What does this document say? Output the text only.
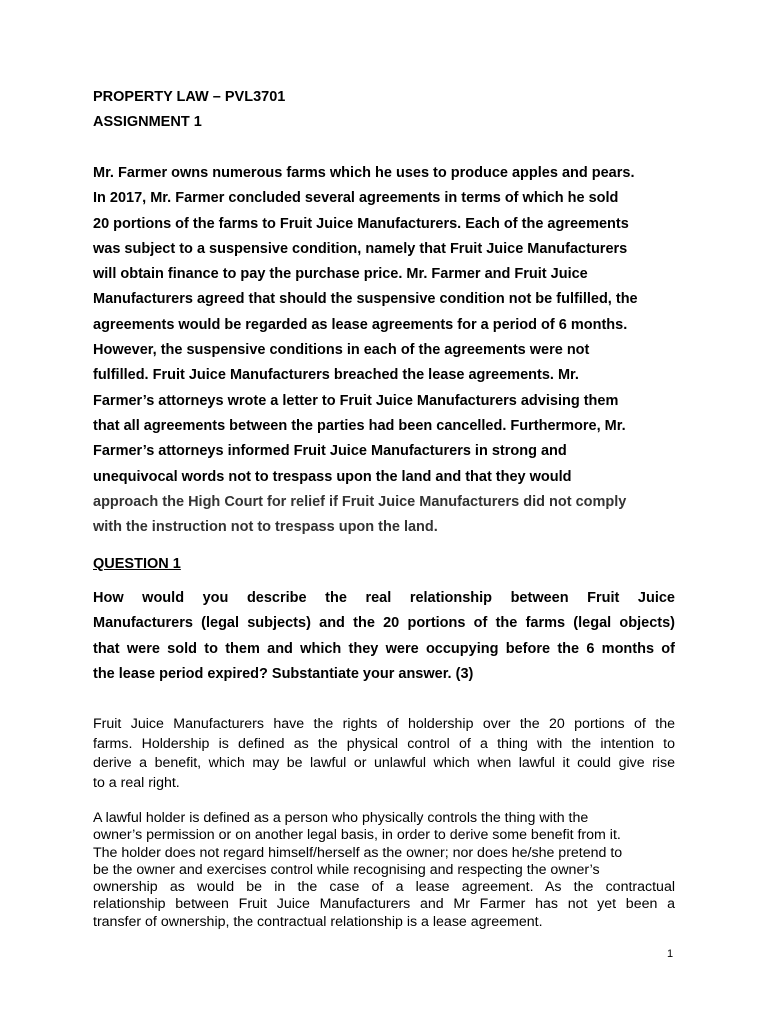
PROPERTY LAW – PVL3701
ASSIGNMENT 1
Mr. Farmer owns numerous farms which he uses to produce apples and pears.
In 2017, Mr. Farmer concluded several agreements in terms of which he sold
20 portions of the farms to Fruit Juice Manufacturers. Each of the agreements
was subject to a suspensive condition, namely that Fruit Juice Manufacturers
will obtain finance to pay the purchase price. Mr. Farmer and Fruit Juice
Manufacturers agreed that should the suspensive condition not be fulfilled, the
agreements would be regarded as lease agreements for a period of 6 months.
However, the suspensive conditions in each of the agreements were not
fulfilled. Fruit Juice Manufacturers breached the lease agreements. Mr.
Farmer’s attorneys wrote a letter to Fruit Juice Manufacturers advising them
that all agreements between the parties had been cancelled. Furthermore, Mr.
Farmer’s attorneys informed Fruit Juice Manufacturers in strong and
unequivocal words not to trespass upon the land and that they would
approach the High Court for relief if Fruit Juice Manufacturers did not comply
with the instruction not to trespass upon the land.
QUESTION 1
How would you describe the real relationship between Fruit Juice
Manufacturers (legal subjects) and the 20 portions of the farms (legal objects)
that were sold to them and which they were occupying before the 6 months of
the lease period expired? Substantiate your answer. (3)
Fruit Juice Manufacturers have the rights of holdership over the 20 portions of the
farms. Holdership is defined as the physical control of a thing with the intention to
derive a benefit, which may be lawful or unlawful which when lawful it could give rise
to a real right.
A lawful holder is defined as a person who physically controls the thing with the
owner’s permission or on another legal basis, in order to derive some benefit from it.
The holder does not regard himself/herself as the owner; nor does he/she pretend to
be the owner and exercises control while recognising and respecting the owner’s
ownership as would be in the case of a lease agreement. As the contractual
relationship between Fruit Juice Manufacturers and Mr Farmer has not yet been a
transfer of ownership, the contractual relationship is a lease agreement.
1
